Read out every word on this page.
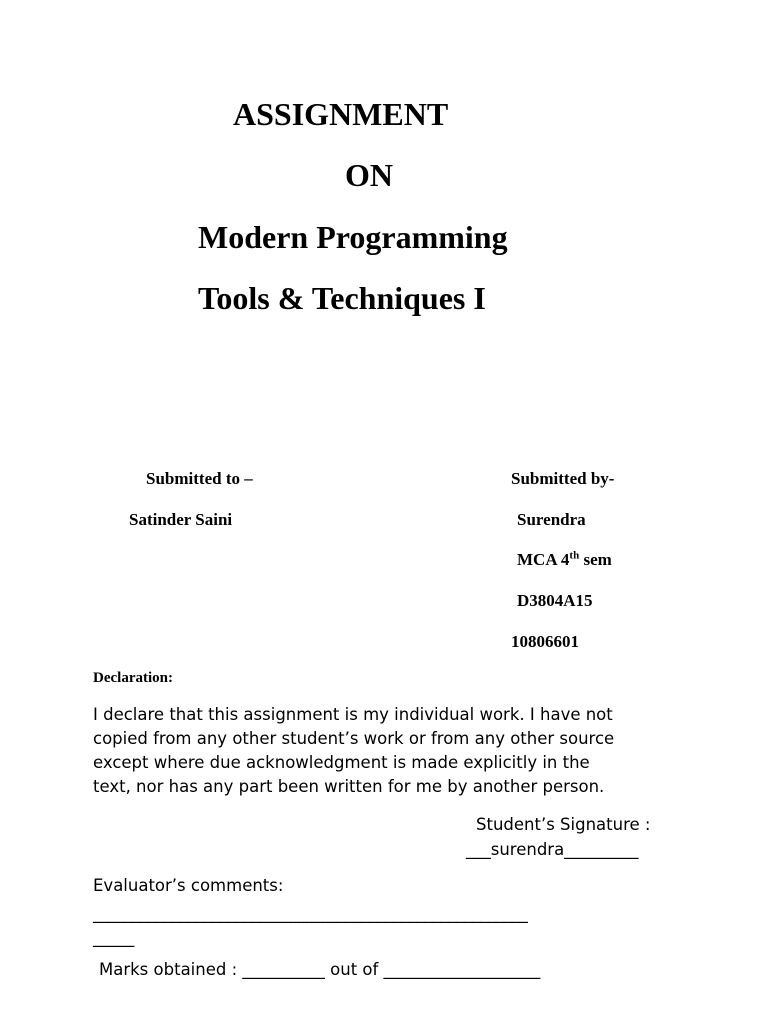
ASSIGNMENT
ON
Modern Programming
Tools & Techniques I
Submitted to –
Satinder Saini
Submitted by-
Surendra
MCA 4th sem
D3804A15
10806601
Declaration:
I declare that this assignment is my individual work. I have not
copied from any other student’s work or from any other source
except where due acknowledgment is made explicitly in the
text, nor has any part been written for me by another person.
Student’s Signature :
___surendra_________
Evaluator’s comments:
_______________________________________________________
_____
Marks obtained : __________ out of ___________________
